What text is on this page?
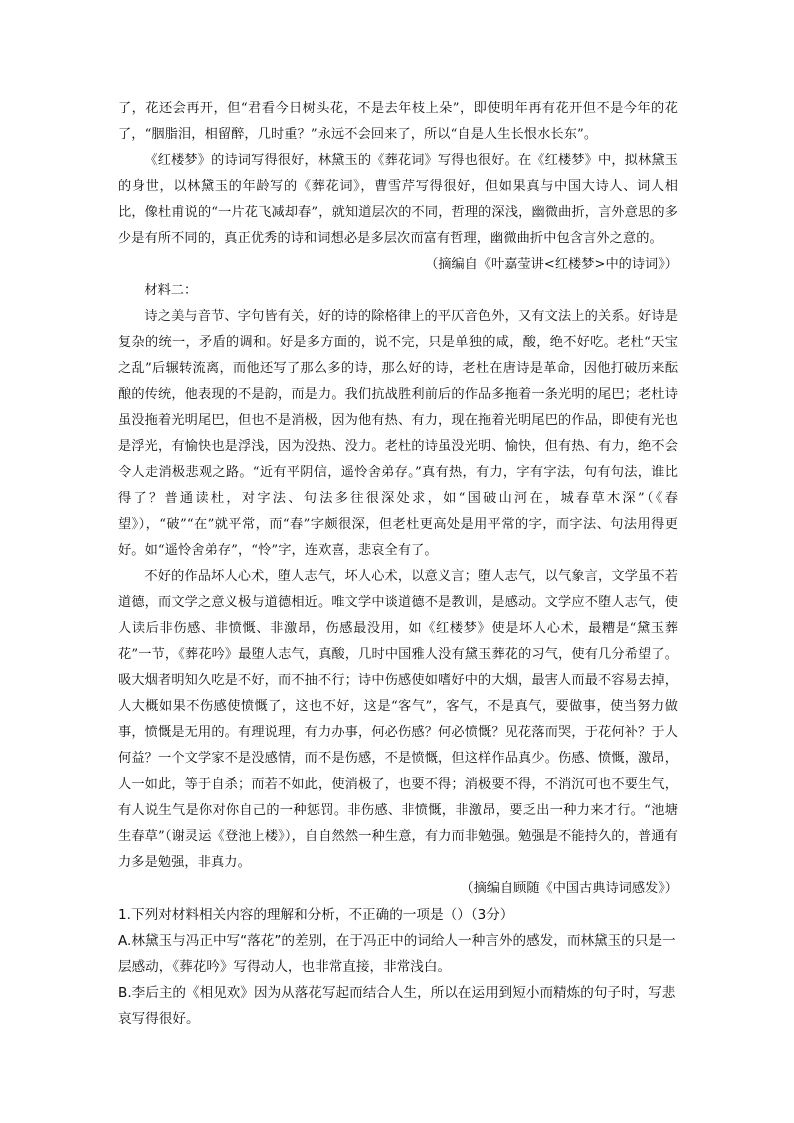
了，花还会再开，但“君看今日树头花，不是去年枝上朵”，即使明年再有花开但不是今年的花了，“胭脂泪，相留醉，几时重？”永远不会回来了，所以“自是人生长恨水长东”。

《红楼梦》的诗词写得很好，林黛玉的《葬花词》写得也很好。在《红楼梦》中，拟林黛玉的身世，以林黛玉的年龄写的《葬花词》，曹雪芹写得很好，但如果真与中国大诗人、词人相比，像杜甫说的“一片花飞减却春”，就知道层次的不同，哲理的深浅，幽微曲折，言外意思的多少是有所不同的，真正优秀的诗和词想必是多层次而富有哲理，幽微曲折中包含言外之意的。

（摘编自《叶嘉莹讲<红楼梦>中的诗词》）

材料二：

诗之美与音节、字句皆有关，好的诗的除格律上的平仄音色外，又有文法上的关系。好诗是复杂的统一，矛盾的调和。好是多方面的，说不完，只是单独的咸，酸，绝不好吃。老杜“天宝之乱”后辗转流离，而他还写了那么多的诗，那么好的诗，老杜在唐诗是革命，因他打破历来酝酿的传统，他表现的不是韵，而是力。我们抗战胜利前后的作品多拖着一条光明的尾巴；老杜诗虽没拖着光明尾巴，但也不是消极，因为他有热、有力，现在拖着光明尾巴的作品，即使有光也是浮光，有愉快也是浮浅，因为没热、没力。老杜的诗虽没光明、愉快，但有热、有力，绝不会令人走消极悲观之路。“近有平阴信，遥怜舍弟存。”真有热，有力，字有字法，句有句法，谁比得了？普通读杜，对字法、句法多往很深处求，如“国破山河在，城春草木深”（《春望》），“破”“在”就平常，而“春”字颇很深，但老杜更高处是用平常的字，而字法、句法用得更好。如“遥怜舍弟存”，“怜”字，连欢喜，悲哀全有了。

不好的作品坏人心术，堕人志气，坏人心术，以意义言；堕人志气，以气象言，文学虽不若道德，而文学之意义极与道德相近。唯文学中谈道德不是教训，是感动。文学应不堕人志气，使人读后非伤感、非愤慨、非激昂，伤感最没用，如《红楼梦》使是坏人心术，最糟是“黛玉葬花”一节，《葬花吟》最堕人志气，真酸，几时中国雅人没有黛玉葬花的习气，使有几分希望了。吸大烟者明知久吃是不好，而不抽不行；诗中伤感使如嗜好中的大烟，最害人而最不容易去掉，人大概如果不伤感使愤慨了，这也不好，这是“客气”，客气，不是真气，要做事，使当努力做事，愤慨是无用的。有理说理，有力办事，何必伤感？何必愤慨？见花落而哭，于花何补？于人何益？一个文学家不是没感情，而不是伤感，不是愤慨，但这样作品真少。伤感、愤慨，激昂，人一如此，等于自杀；而若不如此，使消极了，也要不得；消极要不得，不消沉可也不要生气，有人说生气是你对你自己的一种惩罚。非伤感、非愤慨，非激昂，要乏出一种力来才行。“池塘生春草”（谢灵运《登池上楼》），自自然然一种生意，有力而非勉强。勉强是不能持久的，普通有力多是勉强，非真力。

（摘编自顾随《中国古典诗词感发》）

1.下列对材料相关内容的理解和分析，不正确的一项是（）（3分）

A.林黛玉与冯正中写“落花”的差别，在于冯正中的词给人一种言外的感发，而林黛玉的只是一层感动，《葬花吟》写得动人，也非常直接，非常浅白。

B.李后主的《相见欢》因为从落花写起而结合人生，所以在运用到短小而精炼的句子时，写悲哀写得很好。
